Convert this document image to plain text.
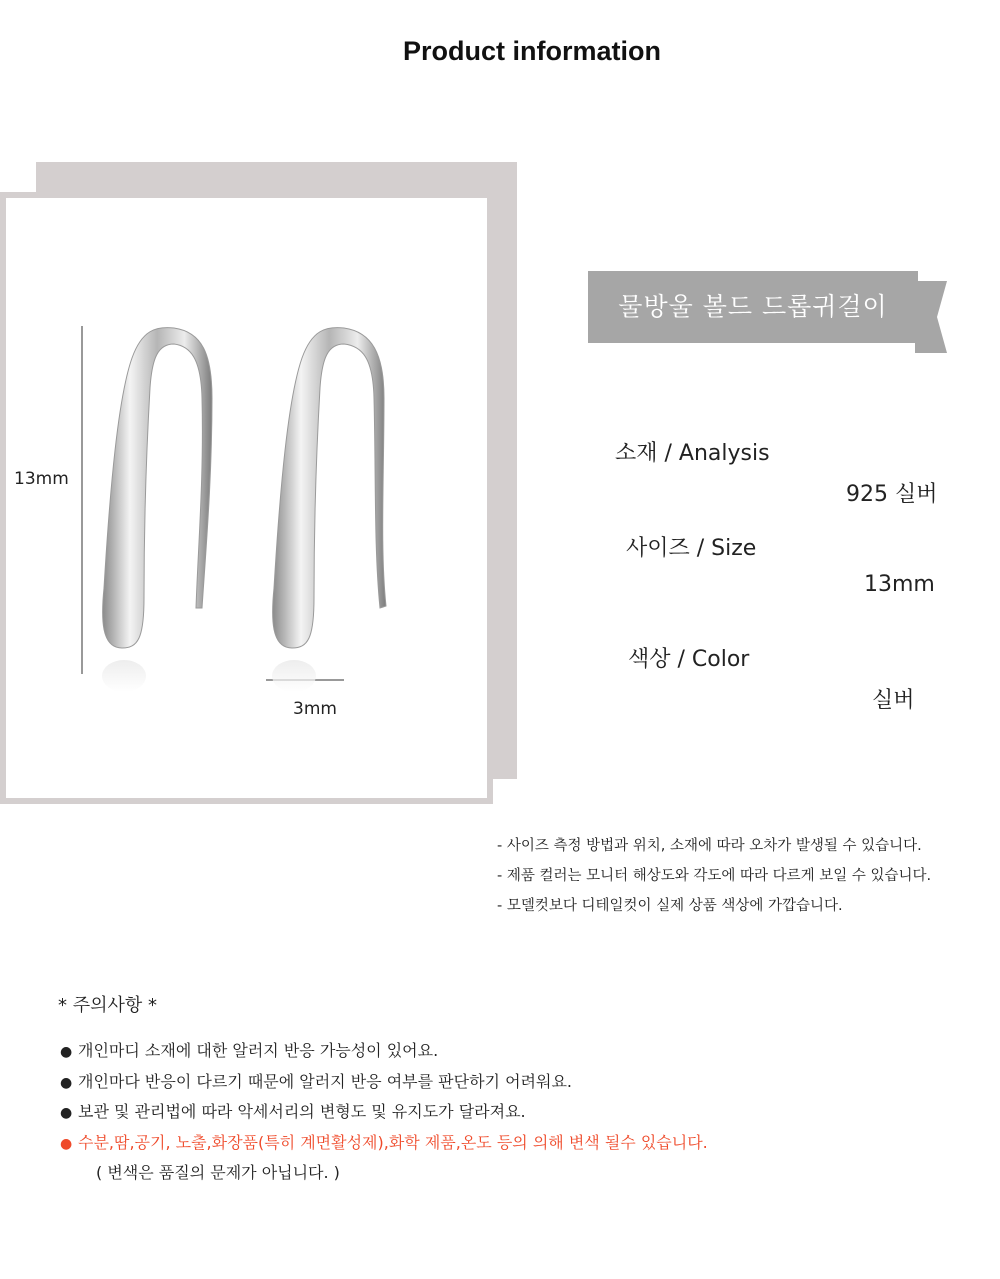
Product information
13mm
3mm
물방울 볼드 드롭귀걸이
소재 / Analysis
925 실버
사이즈 / Size
13mm
색상 / Color
실버
- 사이즈 측정 방법과 위치, 소재에 따라 오차가 발생될 수 있습니다.
- 제품 컬러는 모니터 해상도와 각도에 따라 다르게 보일 수 있습니다.
- 모델컷보다 디테일컷이 실제 상품 색상에 가깝습니다.
* 주의사항 *
● 개인마디 소재에 대한 알러지 반응 가능성이 있어요.
● 개인마다 반응이 다르기 때문에 알러지 반응 여부를 판단하기 어려워요.
● 보관 및 관리법에 따라 악세서리의 변형도 및 유지도가 달라져요.
● 수분,땀,공기, 노출,화장품(특히 계면활성제),화학 제품,온도 등의 의해 변색 될수 있습니다.
( 변색은 품질의 문제가 아닙니다. )
